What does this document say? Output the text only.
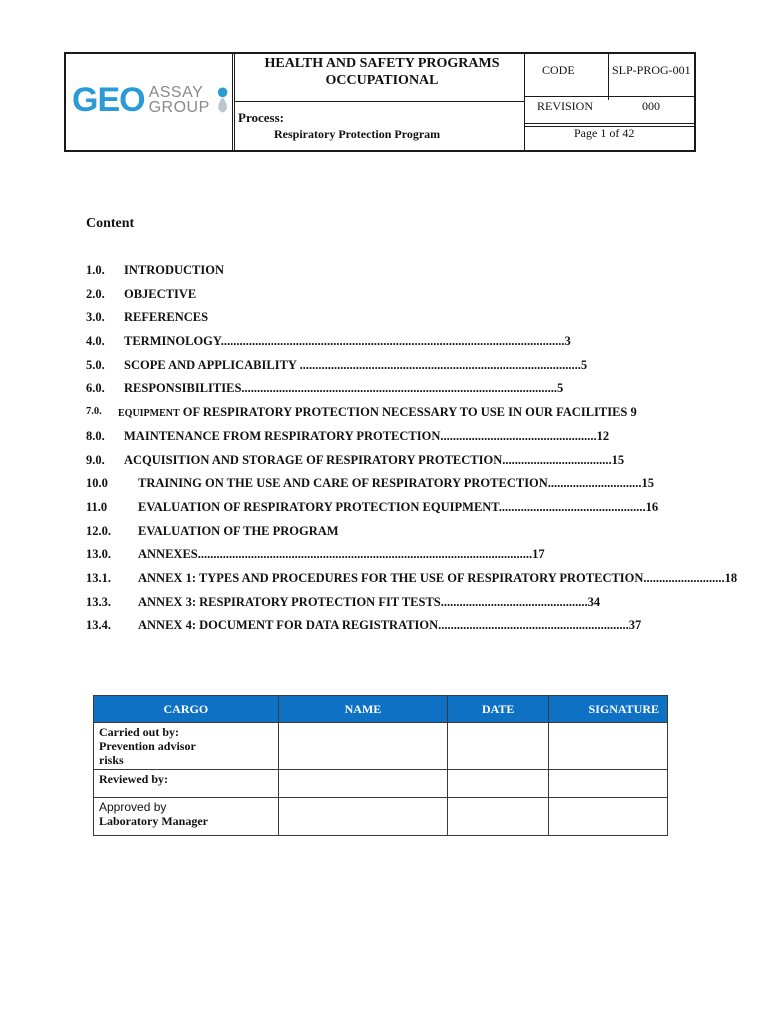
GEO ASSAY
GROUP
HEALTH AND SAFETY PROGRAMS
OCCUPATIONAL
Process:
Respiratory Protection Program
CODE	SLP-PROG-001
REVISION	000
Page 1 of 42
Content
1.0. INTRODUCTION
2.0. OBJECTIVE
3.0. REFERENCES
4.0. TERMINOLOGY..............................................................................................................3
5.0. SCOPE AND APPLICABILITY ..........................................................................................5
6.0. RESPONSIBILITIES.....................................................................................................5
7.0. EQUIPMENT OF RESPIRATORY PROTECTION NECESSARY TO USE IN OUR FACILITIES 9
8.0. MAINTENANCE FROM RESPIRATORY PROTECTION..................................................12
9.0. ACQUISITION AND STORAGE OF RESPIRATORY PROTECTION...................................15
10.0 TRAINING ON THE USE AND CARE OF RESPIRATORY PROTECTION..............................15
11.0 EVALUATION OF RESPIRATORY PROTECTION EQUIPMENT...............................................16
12.0. EVALUATION OF THE PROGRAM
13.0. ANNEXES...........................................................................................................17
13.1. ANNEX 1: TYPES AND PROCEDURES FOR THE USE OF RESPIRATORY PROTECTION..........................18
13.3. ANNEX 3: RESPIRATORY PROTECTION FIT TESTS...............................................34
13.4. ANNEX 4: DOCUMENT FOR DATA REGISTRATION.............................................................37
CARGO	NAME	DATE	SIGNATURE

Carried out by:
Prevention advisor
risks			

Reviewed by:			

Approved by
Laboratory Manager			
